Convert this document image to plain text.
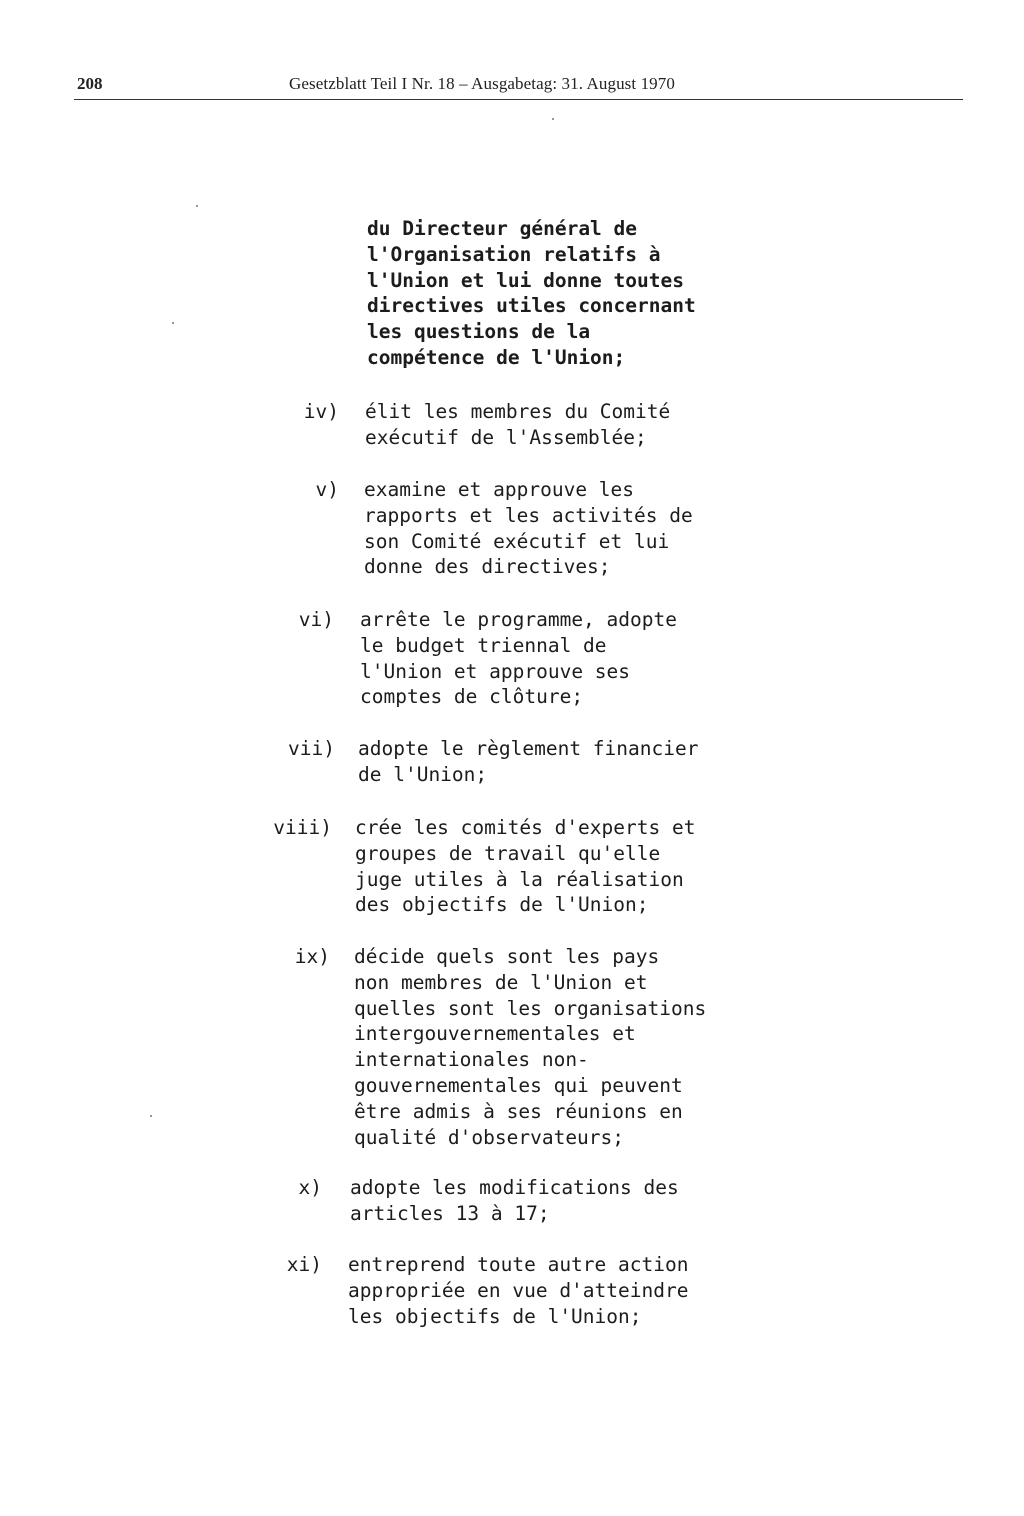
208	Gesetzblatt Teil I Nr. 18 – Ausgabetag: 31. August 1970
du Directeur général de
l'Organisation relatifs à
l'Union et lui donne toutes
directives utiles concernant
les questions de la
compétence de l'Union;
iv) élit les membres du Comité
exécutif de l'Assemblée;
v) examine et approuve les
rapports et les activités de
son Comité exécutif et lui
donne des directives;
vi) arrête le programme, adopte
le budget triennal de
l'Union et approuve ses
comptes de clôture;
vii) adopte le règlement financier
de l'Union;
viii) crée les comités d'experts et
groupes de travail qu'elle
juge utiles à la réalisation
des objectifs de l'Union;
ix) décide quels sont les pays
non membres de l'Union et
quelles sont les organisations
intergouvernementales et
internationales non-
gouvernementales qui peuvent
être admis à ses réunions en
qualité d'observateurs;
x) adopte les modifications des
articles 13 à 17;
xi) entreprend toute autre action
appropriée en vue d'atteindre
les objectifs de l'Union;
